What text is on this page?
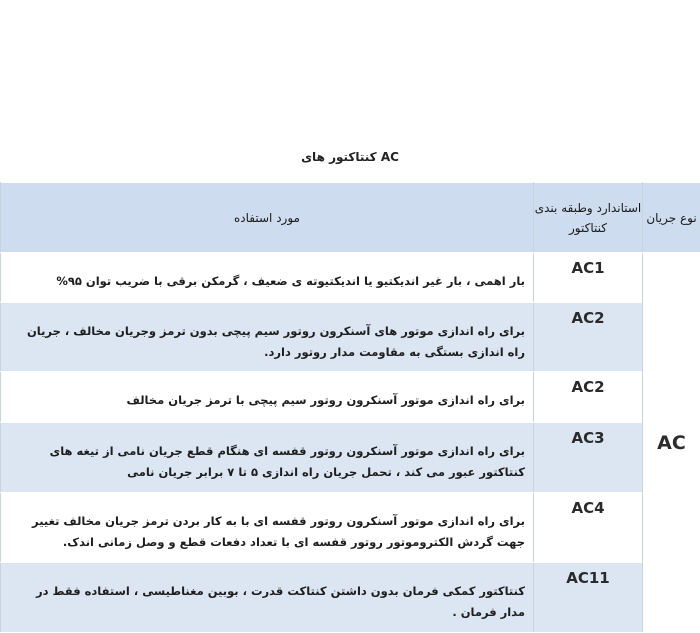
کنتاکتور های AC
نوع جریان	استاندارد وطبقه بندی کنتاکتور	مورد استفاده

AC	AC1	بار اهمی ، بار غیر اندیکتیو یا اندیکتیوته ی ضعیف ، گرمکن برقی با ضریب توان ۹۵%
	AC2	برای راه اندازی موتور های آسنکرون روتور سیم پیچی بدون ترمز وجریان مخالف ، جریان راه اندازی بستگی به مقاومت مدار روتور دارد.
	AC2	برای راه اندازی موتور آسنکرون روتور سیم پیچی با ترمز جریان مخالف
	AC3	برای راه اندازی موتور آسنکرون روتور قفسه ای هنگام قطع جریان نامی از تیغه های کنتاکتور عبور می کند ، تحمل جریان راه اندازی ۵ تا ۷ برابر جریان نامی
	AC4	برای راه اندازی موتور آسنکرون روتور قفسه ای با به کار بردن ترمز جریان مخالف تغییر جهت گردش الکتروموتور روتور قفسه ای با تعداد دفعات قطع و وصل زمانی اندک.
	AC11	کنتاکتور کمکی فرمان بدون داشتن کنتاکت قدرت ، بوبین مغناطیسی ، استفاده فقط در مدار فرمان .
